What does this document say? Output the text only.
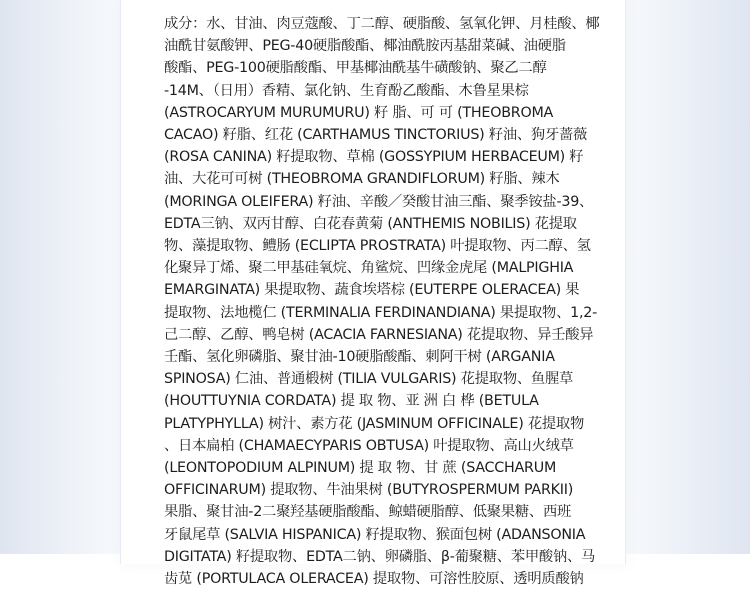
成分：水、甘油、肉豆蔻酸、丁二醇、硬脂酸、氢氧化钾、月桂酸、椰
油酰甘氨酸钾、PEG-40硬脂酸酯、椰油酰胺丙基甜菜碱、油硬脂
酸酯、PEG-100硬脂酸酯、甲基椰油酰基牛磺酸钠、聚乙二醇
-14M、（日用）香精、氯化钠、生育酚乙酸酯、木鲁星果棕
(ASTROCARYUM MURUMURU) 籽 脂、可 可 (THEOBROMA
CACAO) 籽脂、红花 (CARTHAMUS TINCTORIUS) 籽油、狗牙蔷薇
(ROSA CANINA) 籽提取物、草棉 (GOSSYPIUM HERBACEUM) 籽
油、大花可可树 (THEOBROMA GRANDIFLORUM) 籽脂、辣木
(MORINGA OLEIFERA) 籽油、辛酸／癸酸甘油三酯、聚季铵盐-39、
EDTA三钠、双丙甘醇、白花春黄菊 (ANTHEMIS NOBILIS) 花提取
物、藻提取物、鳢肠 (ECLIPTA PROSTRATA) 叶提取物、丙二醇、氢
化聚异丁烯、聚二甲基硅氧烷、角鲨烷、凹缘金虎尾 (MALPIGHIA
EMARGINATA) 果提取物、蔬食埃塔棕 (EUTERPE OLERACEA) 果
提取物、法地榄仁 (TERMINALIA FERDINANDIANA) 果提取物、1,2-
己二醇、乙醇、鸭皂树 (ACACIA FARNESIANA) 花提取物、异壬酸异
壬酯、氢化卵磷脂、聚甘油-10硬脂酸酯、刺阿干树 (ARGANIA
SPINOSA) 仁油、普通椴树 (TILIA VULGARIS) 花提取物、鱼腥草
(HOUTTUYNIA CORDATA) 提 取 物、亚 洲 白 桦 (BETULA
PLATYPHYLLA) 树汁、素方花 (JASMINUM OFFICINALE) 花提取物
、日本扁柏 (CHAMAECYPARIS OBTUSA) 叶提取物、高山火绒草
(LEONTOPODIUM ALPINUM) 提 取 物、甘 蔗 (SACCHARUM
OFFICINARUM) 提取物、牛油果树 (BUTYROSPERMUM PARKII)
果脂、聚甘油-2二聚羟基硬脂酸酯、鲸蜡硬脂醇、低聚果糖、西班
牙鼠尾草 (SALVIA HISPANICA) 籽提取物、猴面包树 (ADANSONIA
DIGITATA) 籽提取物、EDTA二钠、卵磷脂、β-葡聚糖、苯甲酸钠、马
齿苋 (PORTULACA OLERACEA) 提取物、可溶性胶原、透明质酸钠
